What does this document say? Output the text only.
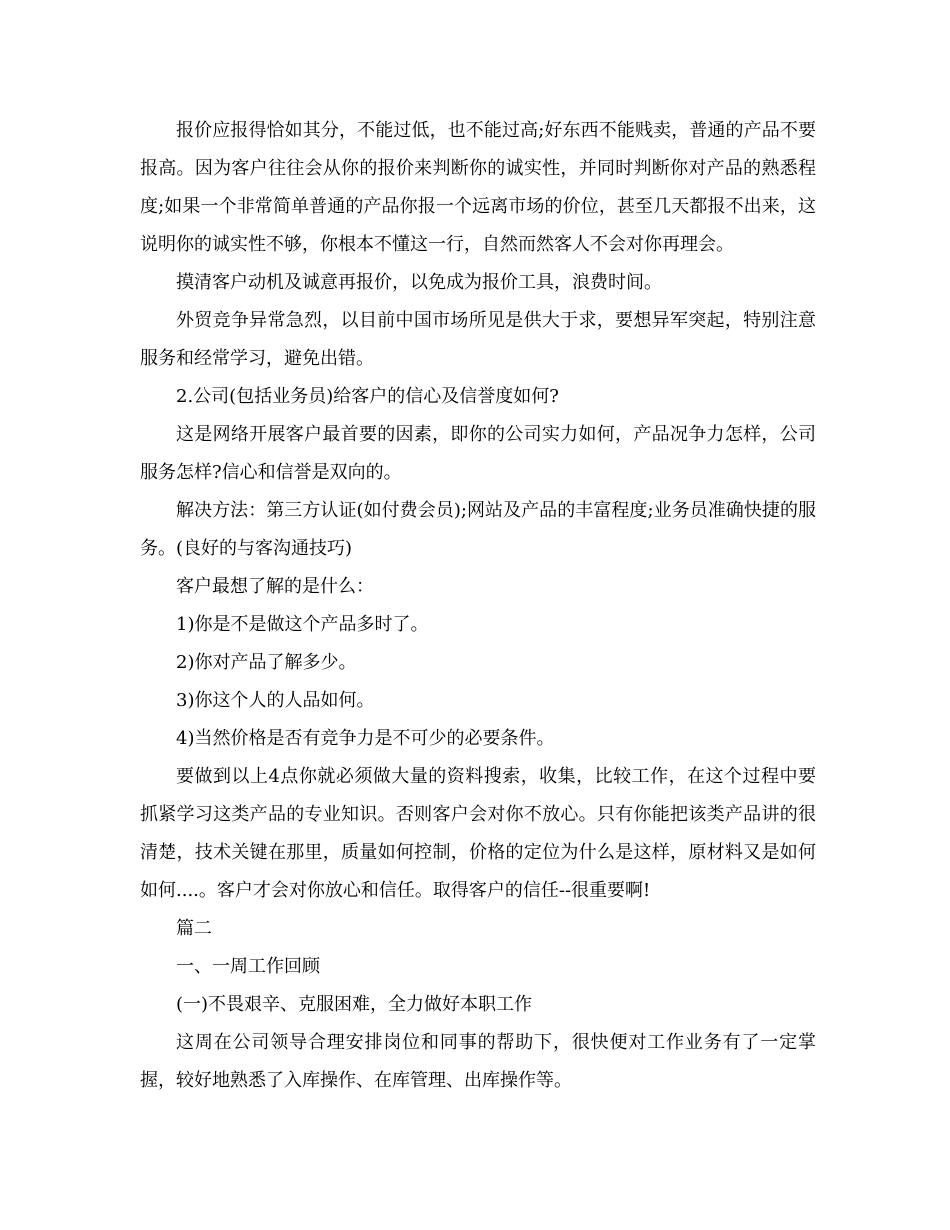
报价应报得恰如其分，不能过低，也不能过高;好东西不能贱卖，普通的产品不要报高。因为客户往往会从你的报价来判断你的诚实性，并同时判断你对产品的熟悉程度;如果一个非常简单普通的产品你报一个远离市场的价位，甚至几天都报不出来，这说明你的诚实性不够，你根本不懂这一行，自然而然客人不会对你再理会。

摸清客户动机及诚意再报价，以免成为报价工具，浪费时间。

外贸竞争异常急烈，以目前中国市场所见是供大于求，要想异军突起，特别注意服务和经常学习，避免出错。

2.公司(包括业务员)给客户的信心及信誉度如何?

这是网络开展客户最首要的因素，即你的公司实力如何，产品况争力怎样，公司服务怎样?信心和信誉是双向的。

解决方法：第三方认证(如付费会员);网站及产品的丰富程度;业务员准确快捷的服务。(良好的与客沟通技巧)

客户最想了解的是什么：

1)你是不是做这个产品多时了。

2)你对产品了解多少。

3)你这个人的人品如何。

4)当然价格是否有竞争力是不可少的必要条件。

要做到以上4点你就必须做大量的资料搜索，收集，比较工作，在这个过程中要抓紧学习这类产品的专业知识。否则客户会对你不放心。只有你能把该类产品讲的很清楚，技术关键在那里，质量如何控制，价格的定位为什么是这样，原材料又是如何如何....。客户才会对你放心和信任。取得客户的信任--很重要啊!

篇二

一、一周工作回顾

(一)不畏艰辛、克服困难，全力做好本职工作

这周在公司领导合理安排岗位和同事的帮助下，很快便对工作业务有了一定掌握，较好地熟悉了入库操作、在库管理、出库操作等。
